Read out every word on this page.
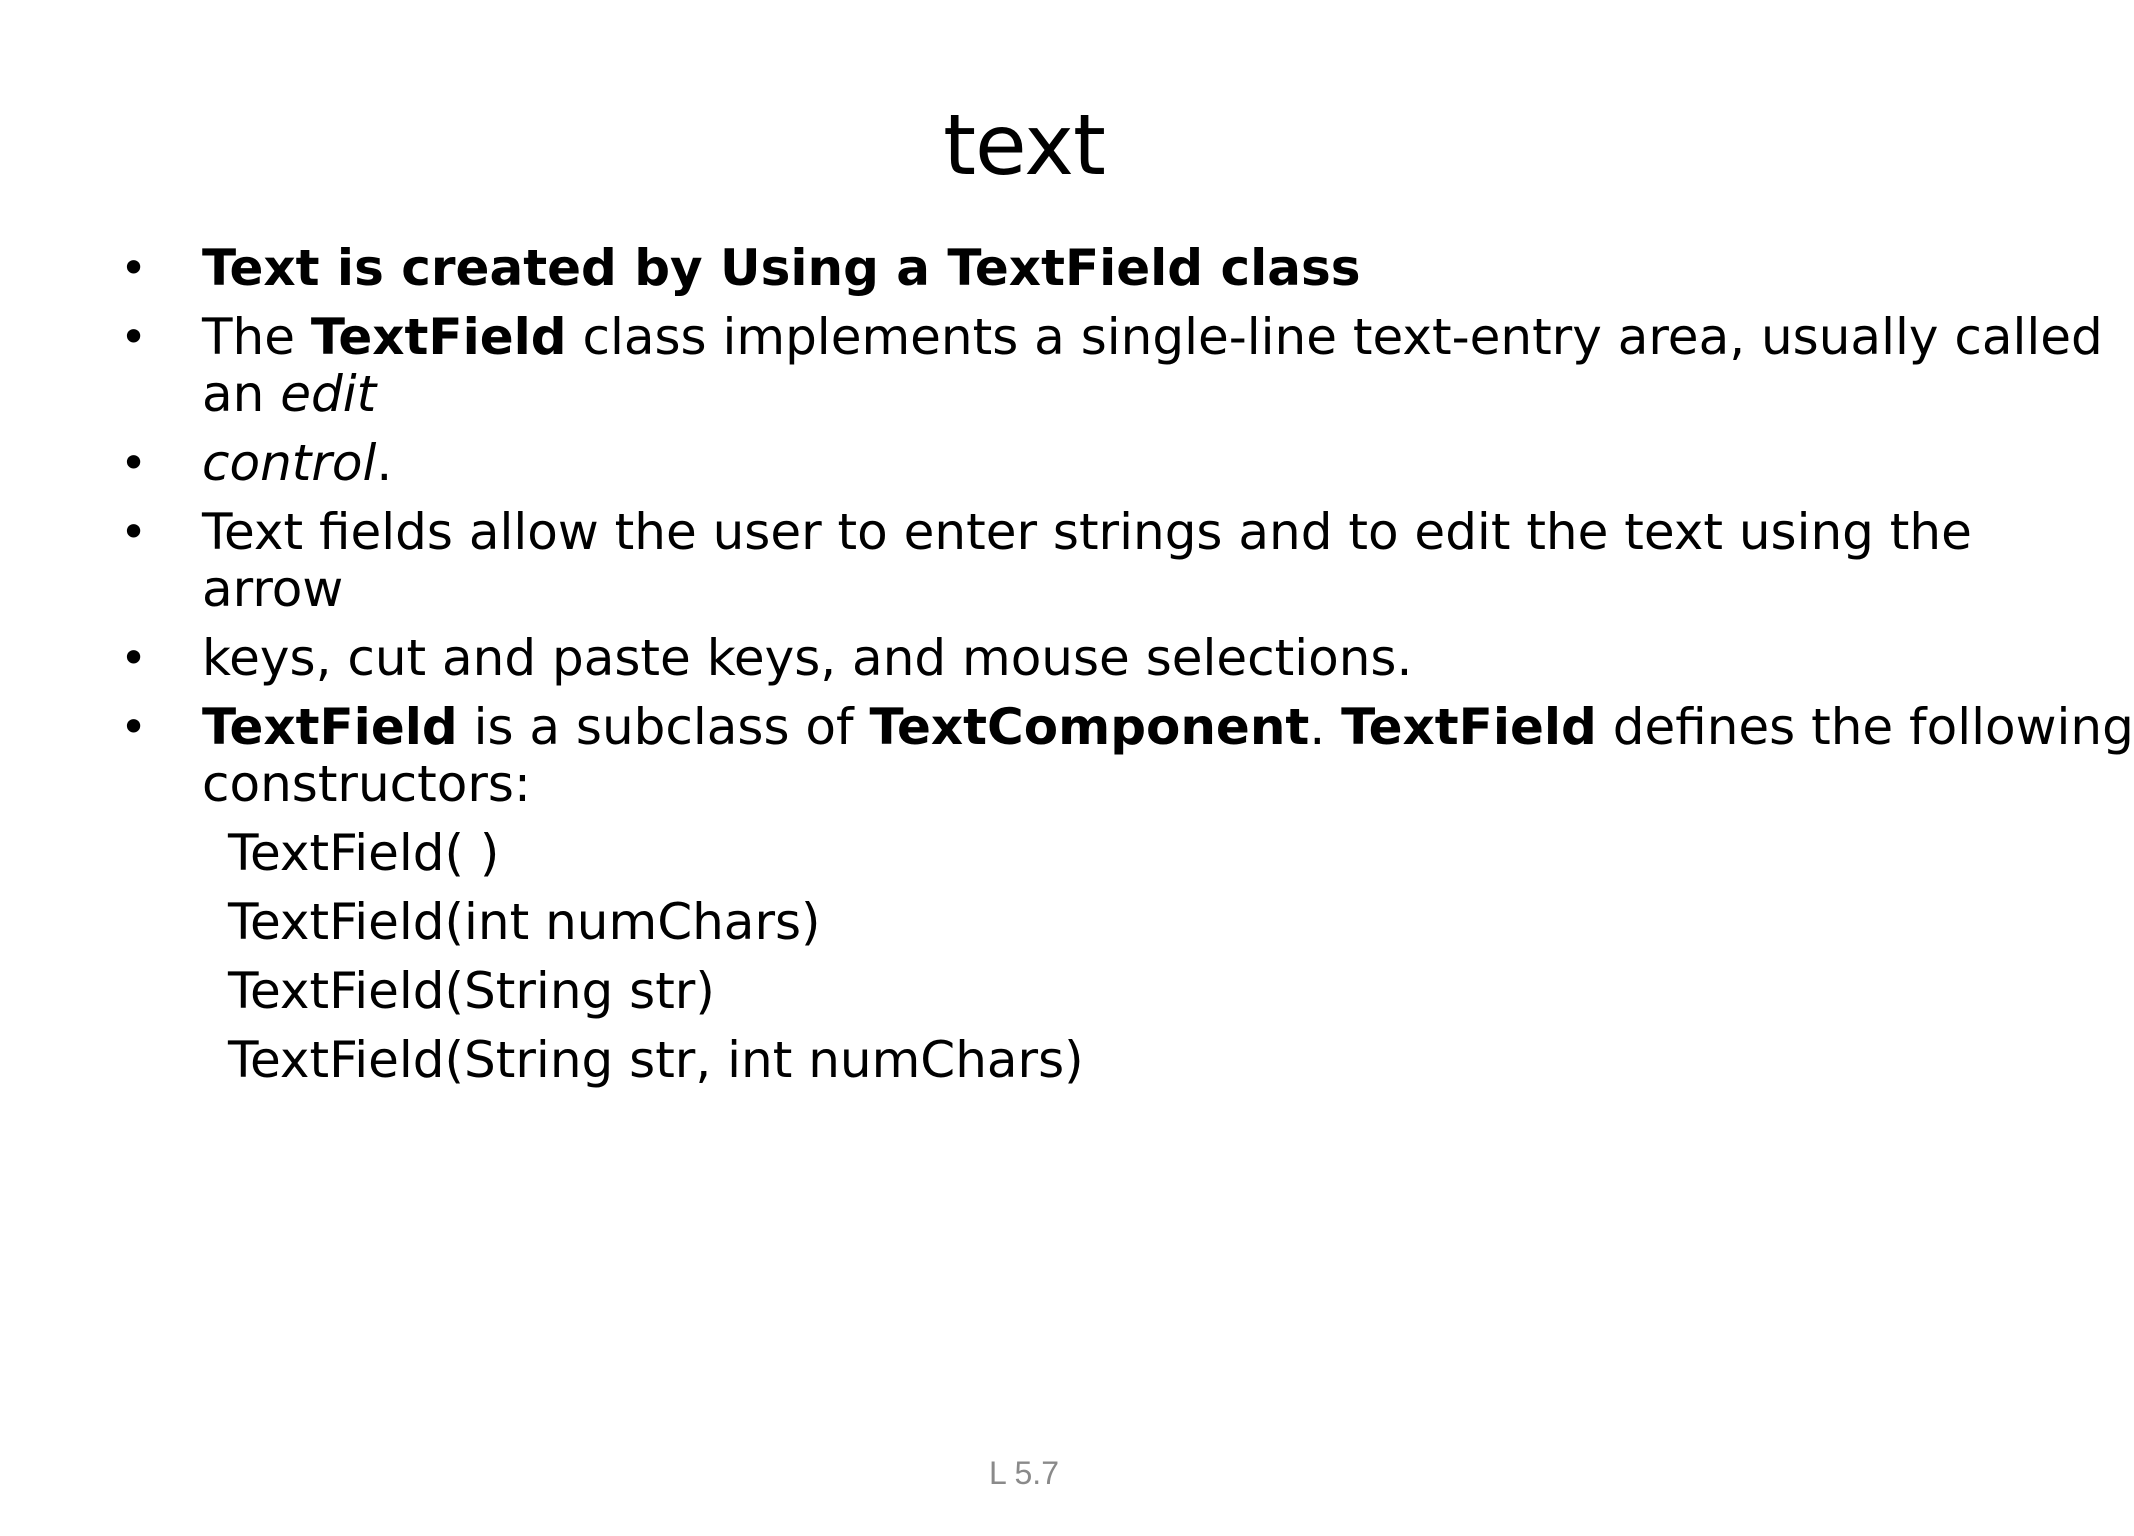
text
• Text is created by Using a TextField class
• The TextField class implements a single-line text-entry area, usually called
an edit
• control.
• Text fields allow the user to enter strings and to edit the text using the
arrow
• keys, cut and paste keys, and mouse selections.
• TextField is a subclass of TextComponent. TextField defines the following
constructors:
TextField( )
TextField(int numChars)
TextField(String str)
TextField(String str, int numChars)
L 5.7
